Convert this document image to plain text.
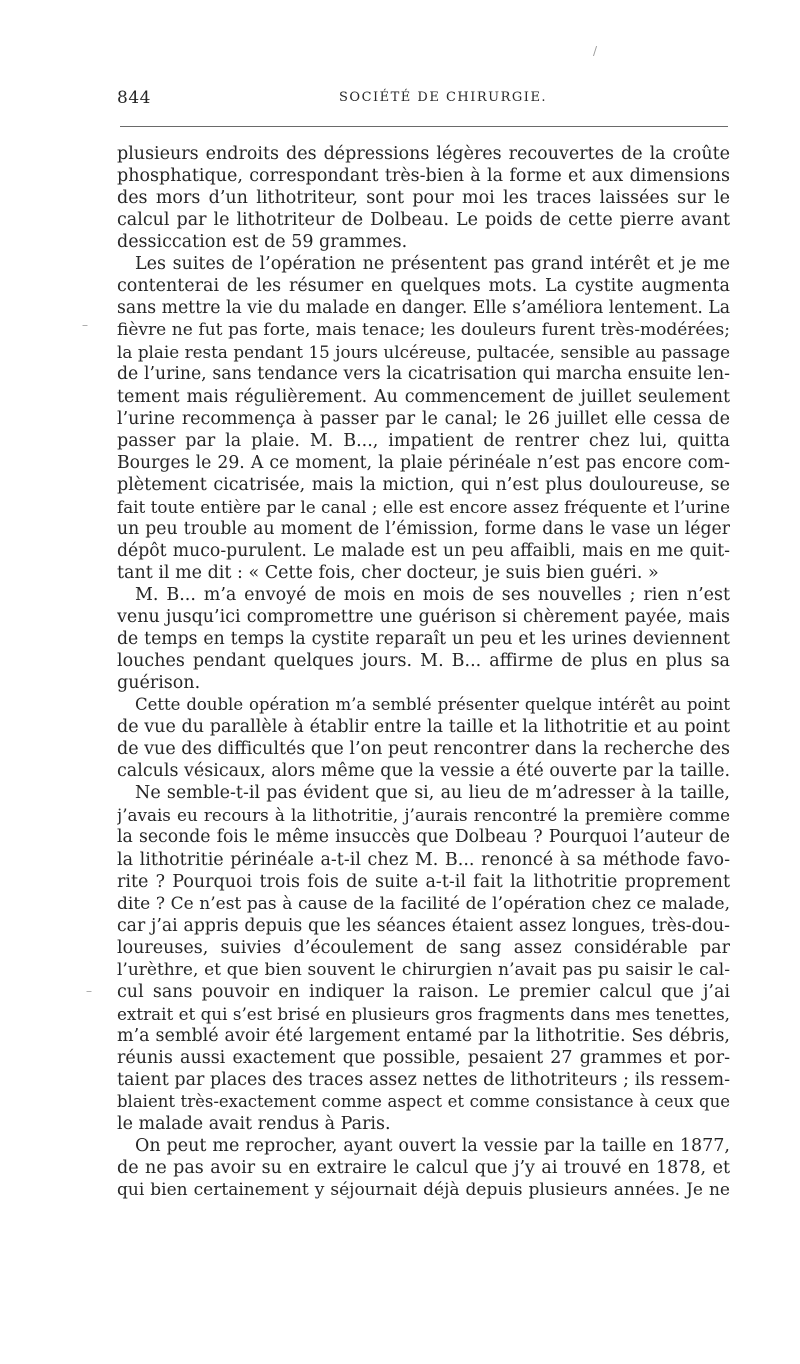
844	SOCIÉTÉ DE CHIRURGIE.
/
–
–
plusieurs endroits des dépressions légères recouvertes de la croûte
phosphatique, correspondant très-bien à la forme et aux dimensions
des mors d’un lithotriteur, sont pour moi les traces laissées sur le
calcul par le lithotriteur de Dolbeau. Le poids de cette pierre avant
dessiccation est de 59 grammes.
Les suites de l’opération ne présentent pas grand intérêt et je me
contenterai de les résumer en quelques mots. La cystite augmenta
sans mettre la vie du malade en danger. Elle s’améliora lentement. La
fièvre ne fut pas forte, mais tenace; les douleurs furent très-modérées;
la plaie resta pendant 15 jours ulcéreuse, pultacée, sensible au passage
de l’urine, sans tendance vers la cicatrisation qui marcha ensuite len-
tement mais régulièrement. Au commencement de juillet seulement
l’urine recommença à passer par le canal; le 26 juillet elle cessa de
passer par la plaie. M. B..., impatient de rentrer chez lui, quitta
Bourges le 29. A ce moment, la plaie périnéale n’est pas encore com-
plètement cicatrisée, mais la miction, qui n’est plus douloureuse, se
fait toute entière par le canal ; elle est encore assez fréquente et l’urine
un peu trouble au moment de l’émission, forme dans le vase un léger
dépôt muco-purulent. Le malade est un peu affaibli, mais en me quit-
tant il me dit : « Cette fois, cher docteur, je suis bien guéri. »
M. B... m’a envoyé de mois en mois de ses nouvelles ; rien n’est
venu jusqu’ici compromettre une guérison si chèrement payée, mais
de temps en temps la cystite reparaît un peu et les urines deviennent
louches pendant quelques jours. M. B... affirme de plus en plus sa
guérison.
Cette double opération m’a semblé présenter quelque intérêt au point
de vue du parallèle à établir entre la taille et la lithotritie et au point
de vue des difficultés que l’on peut rencontrer dans la recherche des
calculs vésicaux, alors même que la vessie a été ouverte par la taille.
Ne semble-t-il pas évident que si, au lieu de m’adresser à la taille,
j’avais eu recours à la lithotritie, j’aurais rencontré la première comme
la seconde fois le même insuccès que Dolbeau ? Pourquoi l’auteur de
la lithotritie périnéale a-t-il chez M. B... renoncé à sa méthode favo-
rite ? Pourquoi trois fois de suite a-t-il fait la lithotritie proprement
dite ? Ce n’est pas à cause de la facilité de l’opération chez ce malade,
car j’ai appris depuis que les séances étaient assez longues, très-dou-
loureuses, suivies d’écoulement de sang assez considérable par
l’urèthre, et que bien souvent le chirurgien n’avait pas pu saisir le cal-
cul sans pouvoir en indiquer la raison. Le premier calcul que j’ai
extrait et qui s’est brisé en plusieurs gros fragments dans mes tenettes,
m’a semblé avoir été largement entamé par la lithotritie. Ses débris,
réunis aussi exactement que possible, pesaient 27 grammes et por-
taient par places des traces assez nettes de lithotriteurs ; ils ressem-
blaient très-exactement comme aspect et comme consistance à ceux que
le malade avait rendus à Paris.
On peut me reprocher, ayant ouvert la vessie par la taille en 1877,
de ne pas avoir su en extraire le calcul que j’y ai trouvé en 1878, et
qui bien certainement y séjournait déjà depuis plusieurs années. Je ne
